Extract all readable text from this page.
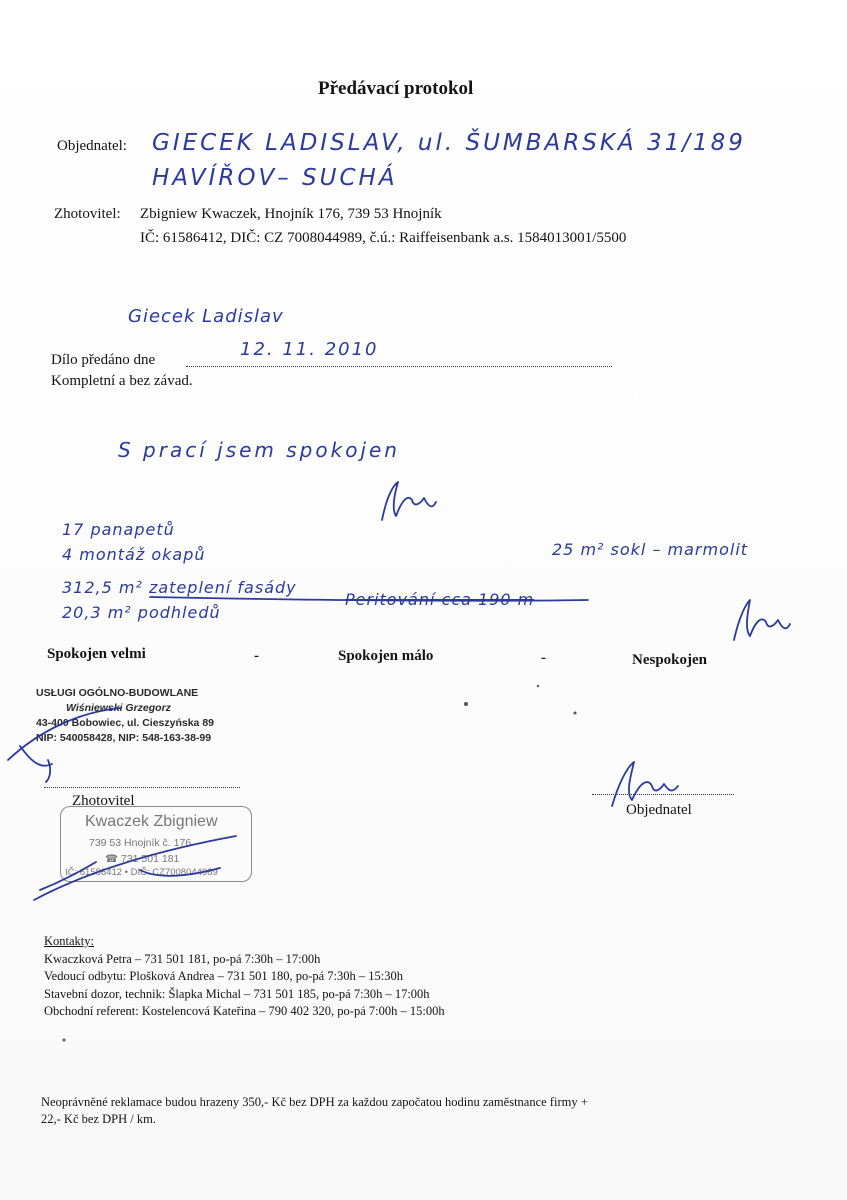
Předávací protokol
Objednatel: GIECEK LADISLAV, ul. ŠUMBARSKÁ 31/189
HAVÍŘOV– SUCHÁ
Zhotovitel: Zbigniew Kwaczek, Hnojník 176, 739 53 Hnojník
IČ: 61586412, DIČ: CZ 7008044989, č.ú.: Raiffeisenbank a.s. 1584013001/5500
Giecek Ladislav
Dílo předáno dne	12. 11. 2010
Kompletní a bez závad.
S prací jsem spokojen
17 panapetů
4 montáž okapů
312,5 m² zateplení fasády
Peritování cca 190 m
20,3 m² podhledů
25 m² sokl – marmolit
Spokojen velmi	-	Spokojen málo	-	Nespokojen
USŁUGI OGÓLNO-BUDOWLANE
Wiśniewski Grzegorz
43-400 Bobowiec, ul. Cieszyńska 89
NIP: 540058428, NIP: 548-163-38-99
Zhotovitel
Objednatel
Kwaczek Zbigniew
739 53 Hnojník č. 176
☎ 731 501 181
IČ: 61586412 • DIČ: CZ7008044989
Kontakty:
Kwaczková Petra – 731 501 181, po-pá 7:30h – 17:00h
Vedoucí odbytu: Plošková Andrea – 731 501 180, po-pá 7:30h – 15:30h
Stavební dozor, technik: Šlapka Michal – 731 501 185, po-pá 7:30h – 17:00h
Obchodní referent: Kostelencová Kateřina – 790 402 320, po-pá 7:00h – 15:00h
Neoprávněné reklamace budou hrazeny 350,- Kč bez DPH za každou započatou hodinu zaměstnance firmy +
22,- Kč bez DPH / km.
